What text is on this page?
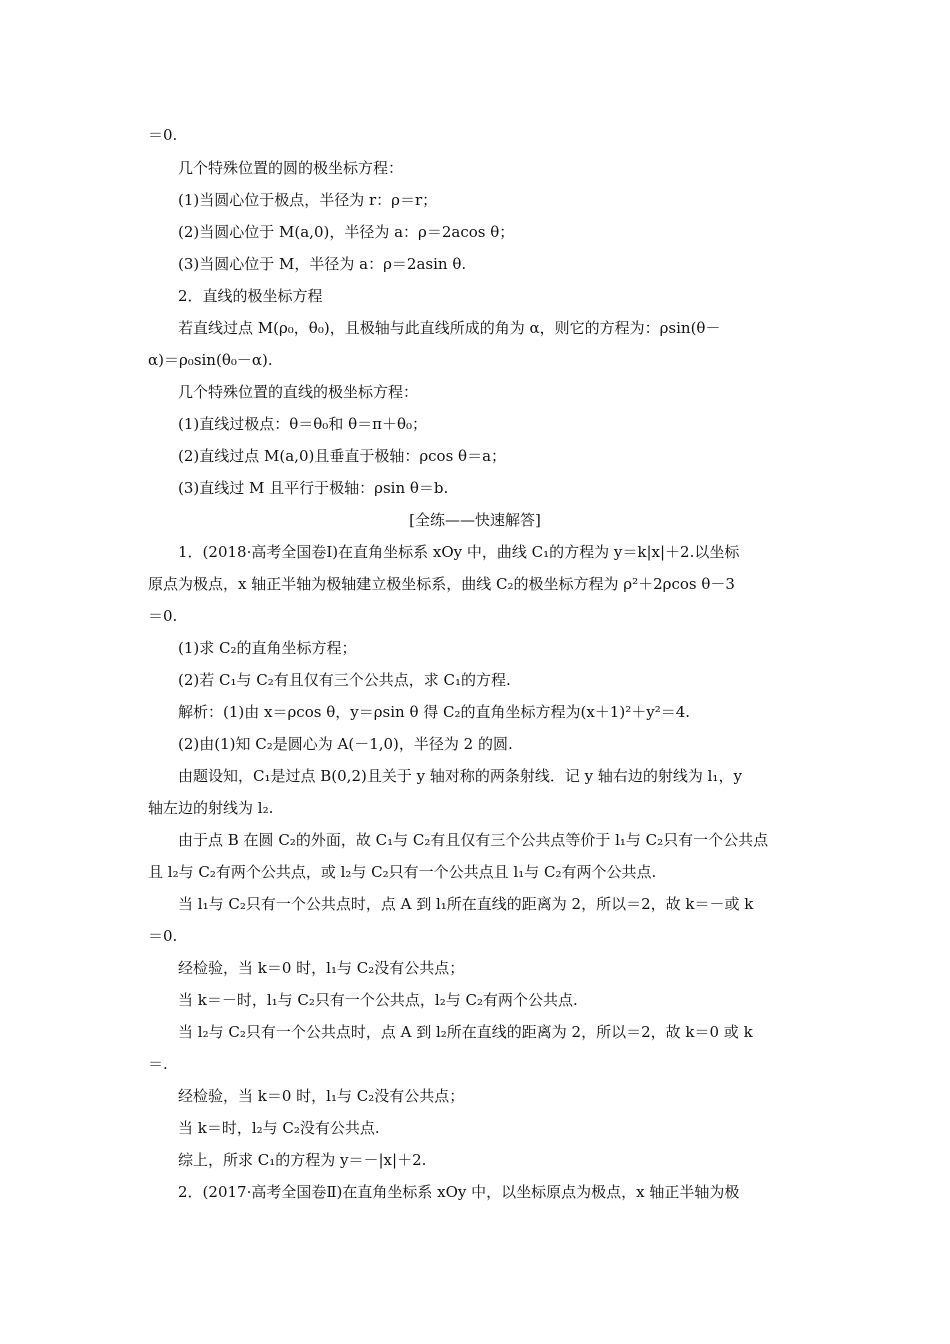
＝0.
几个特殊位置的圆的极坐标方程：
(1)当圆心位于极点，半径为 r：ρ＝r；
(2)当圆心位于 M(a,0)，半径为 a：ρ＝2acos θ；
(3)当圆心位于 M，半径为 a：ρ＝2asin θ.
2．直线的极坐标方程
若直线过点 M(ρ₀，θ₀)，且极轴与此直线所成的角为 α，则它的方程为：ρsin(θ－
α)＝ρ₀sin(θ₀－α).
几个特殊位置的直线的极坐标方程：
(1)直线过极点：θ＝θ₀和 θ＝π＋θ₀；
(2)直线过点 M(a,0)且垂直于极轴：ρcos θ＝a；
(3)直线过 M 且平行于极轴：ρsin θ＝b.
[全练——快速解答]
1．(2018·高考全国卷Ⅰ)在直角坐标系 xOy 中，曲线 C₁的方程为 y＝k|x|＋2.以坐标
原点为极点，x 轴正半轴为极轴建立极坐标系，曲线 C₂的极坐标方程为 ρ²＋2ρcos θ－3
＝0.
(1)求 C₂的直角坐标方程；
(2)若 C₁与 C₂有且仅有三个公共点，求 C₁的方程.
解析：(1)由 x＝ρcos θ，y＝ρsin θ 得 C₂的直角坐标方程为(x＋1)²＋y²＝4.
(2)由(1)知 C₂是圆心为 A(－1,0)，半径为 2 的圆.
由题设知，C₁是过点 B(0,2)且关于 y 轴对称的两条射线．记 y 轴右边的射线为 l₁，y
轴左边的射线为 l₂.
由于点 B 在圆 C₂的外面，故 C₁与 C₂有且仅有三个公共点等价于 l₁与 C₂只有一个公共点
且 l₂与 C₂有两个公共点，或 l₂与 C₂只有一个公共点且 l₁与 C₂有两个公共点.
当 l₁与 C₂只有一个公共点时，点 A 到 l₁所在直线的距离为 2，所以＝2，故 k＝－或 k
＝0.
经检验，当 k＝0 时，l₁与 C₂没有公共点；
当 k＝－时，l₁与 C₂只有一个公共点，l₂与 C₂有两个公共点.
当 l₂与 C₂只有一个公共点时，点 A 到 l₂所在直线的距离为 2，所以＝2，故 k＝0 或 k
＝.
经检验，当 k＝0 时，l₁与 C₂没有公共点；
当 k＝时，l₂与 C₂没有公共点.
综上，所求 C₁的方程为 y＝－|x|＋2.
2．(2017·高考全国卷Ⅱ)在直角坐标系 xOy 中，以坐标原点为极点，x 轴正半轴为极
